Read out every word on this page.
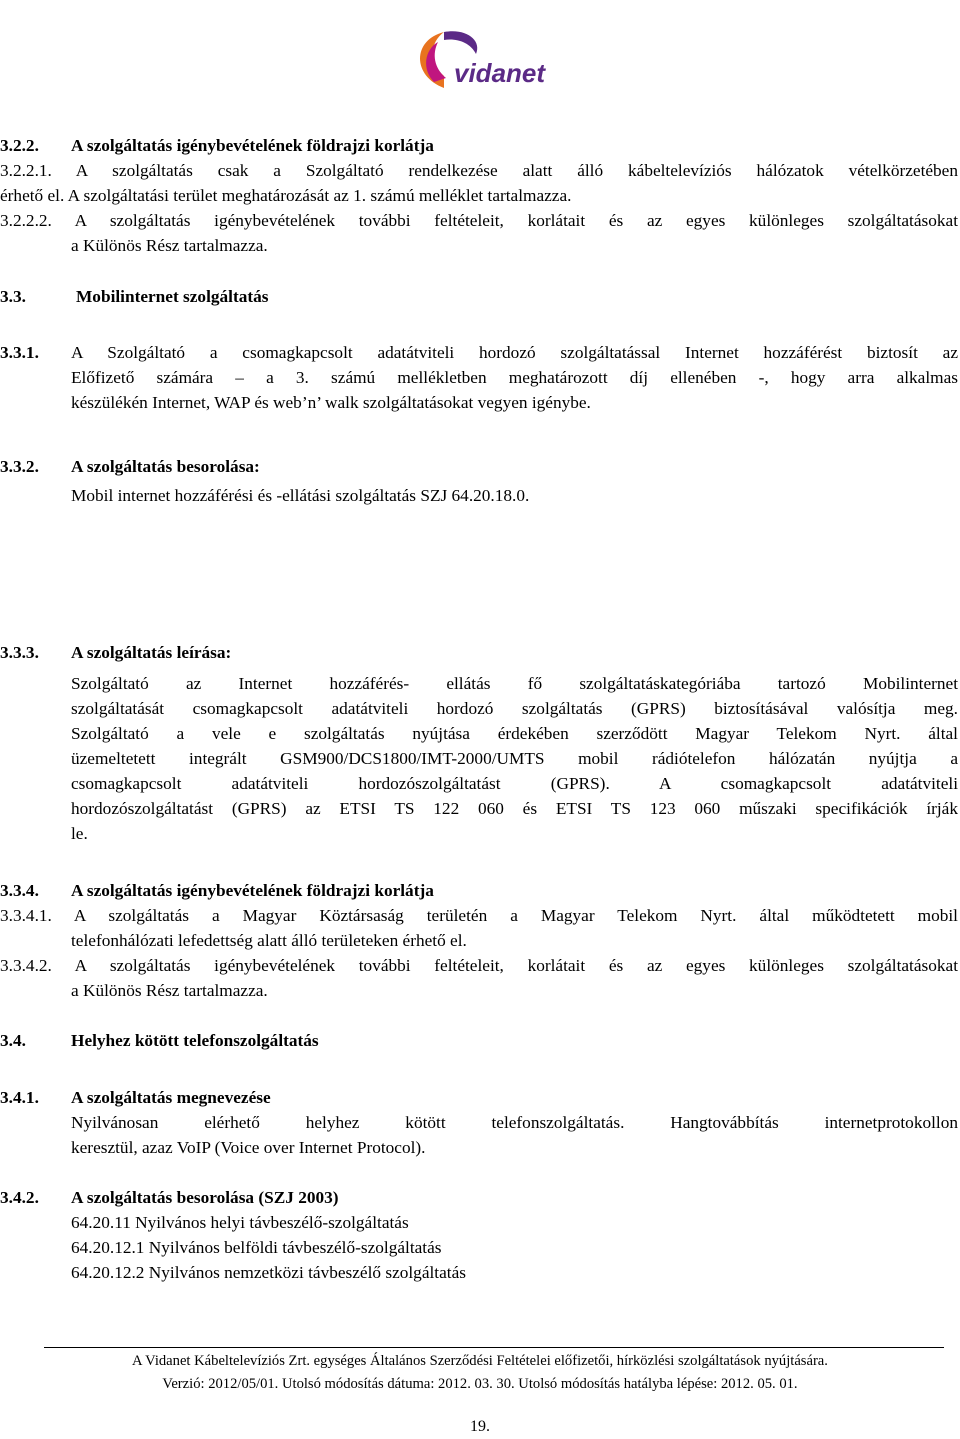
vidanet
3.2.2. A szolgáltatás igénybevételének földrajzi korlátja
3.2.2.1. A szolgáltatás csak a Szolgáltató rendelkezése alatt álló kábeltelevíziós hálózatok vételkörzetében
érhető el. A szolgáltatási terület meghatározását az 1. számú melléklet tartalmazza.
3.2.2.2. A szolgáltatás igénybevételének további feltételeit, korlátait és az egyes különleges szolgáltatásokat
a Különös Rész tartalmazza.
3.3.	Mobilinternet szolgáltatás
3.3.1. A Szolgáltató a csomagkapcsolt adatátviteli hordozó szolgáltatással Internet hozzáférést biztosít az
Előfizető számára – a 3. számú mellékletben meghatározott díj ellenében -, hogy arra alkalmas
készülékén Internet, WAP és web’n’ walk szolgáltatásokat vegyen igénybe.
3.3.2. A szolgáltatás besorolása:
Mobil internet hozzáférési és -ellátási szolgáltatás SZJ 64.20.18.0.
3.3.3. A szolgáltatás leírása:
Szolgáltató az Internet hozzáférés- ellátás fő szolgáltatáskategóriába tartozó Mobilinternet
szolgáltatását csomagkapcsolt adatátviteli hordozó szolgáltatás (GPRS) biztosításával valósítja meg.
Szolgáltató a vele e szolgáltatás nyújtása érdekében szerződött Magyar Telekom Nyrt. által
üzemeltetett integrált GSM900/DCS1800/IMT-2000/UMTS mobil rádiótelefon hálózatán nyújtja a
csomagkapcsolt adatátviteli hordozószolgáltatást (GPRS). A csomagkapcsolt adatátviteli
hordozószolgáltatást (GPRS) az ETSI TS 122 060 és ETSI TS 123 060 műszaki specifikációk írják
le.
3.3.4. A szolgáltatás igénybevételének földrajzi korlátja
3.3.4.1. A szolgáltatás a Magyar Köztársaság területén a Magyar Telekom Nyrt. által működtetett mobil
telefonhálózati lefedettség alatt álló területeken érhető el.
3.3.4.2. A szolgáltatás igénybevételének további feltételeit, korlátait és az egyes különleges szolgáltatásokat
a Különös Rész tartalmazza.
3.4.	Helyhez kötött telefonszolgáltatás
3.4.1. A szolgáltatás megnevezése
Nyilvánosan elérhető helyhez kötött telefonszolgáltatás. Hangtovábbítás internetprotokollon
keresztül, azaz VoIP (Voice over Internet Protocol).
3.4.2. A szolgáltatás besorolása (SZJ 2003)
64.20.11 Nyilvános helyi távbeszélő-szolgáltatás
64.20.12.1 Nyilvános belföldi távbeszélő-szolgáltatás
64.20.12.2 Nyilvános nemzetközi távbeszélő szolgáltatás
A Vidanet Kábeltelevíziós Zrt. egységes Általános Szerződési Feltételei előfizetői, hírközlési szolgáltatások nyújtására.
Verzió: 2012/05/01. Utolsó módosítás dátuma: 2012. 03. 30. Utolsó módosítás hatályba lépése: 2012. 05. 01.
19.
